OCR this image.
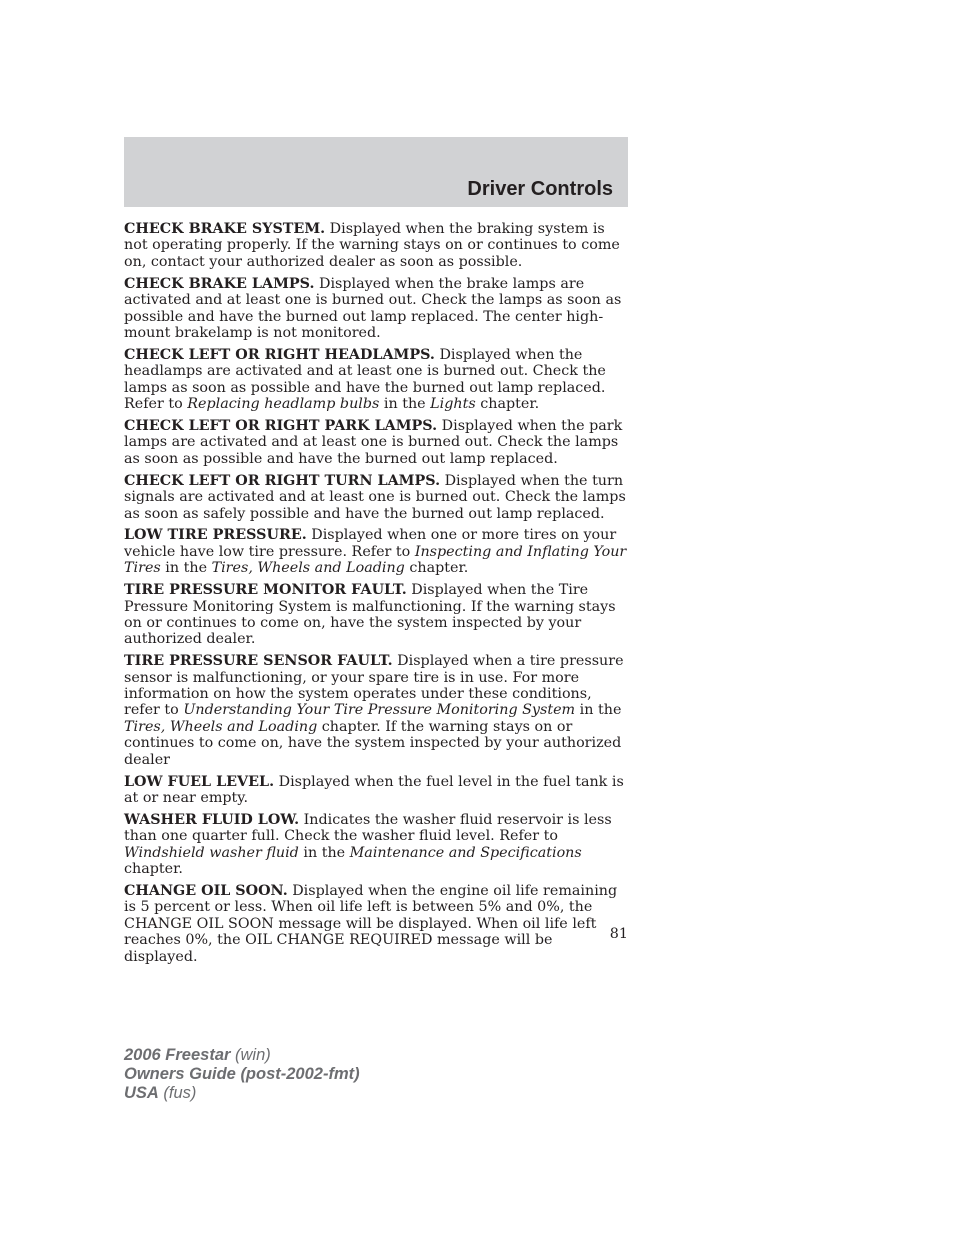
Driver Controls

CHECK BRAKE SYSTEM. Displayed when the braking system is not operating properly. If the warning stays on or continues to come on, contact your authorized dealer as soon as possible.

CHECK BRAKE LAMPS. Displayed when the brake lamps are activated and at least one is burned out. Check the lamps as soon as possible and have the burned out lamp replaced. The center high-mount brakelamp is not monitored.

CHECK LEFT OR RIGHT HEADLAMPS. Displayed when the headlamps are activated and at least one is burned out. Check the lamps as soon as possible and have the burned out lamp replaced. Refer to Replacing headlamp bulbs in the Lights chapter.

CHECK LEFT OR RIGHT PARK LAMPS. Displayed when the park lamps are activated and at least one is burned out. Check the lamps as soon as possible and have the burned out lamp replaced.

CHECK LEFT OR RIGHT TURN LAMPS. Displayed when the turn signals are activated and at least one is burned out. Check the lamps as soon as safely possible and have the burned out lamp replaced.

LOW TIRE PRESSURE. Displayed when one or more tires on your vehicle have low tire pressure. Refer to Inspecting and Inflating Your Tires in the Tires, Wheels and Loading chapter.

TIRE PRESSURE MONITOR FAULT. Displayed when the Tire Pressure Monitoring System is malfunctioning. If the warning stays on or continues to come on, have the system inspected by your authorized dealer.

TIRE PRESSURE SENSOR FAULT. Displayed when a tire pressure sensor is malfunctioning, or your spare tire is in use. For more information on how the system operates under these conditions, refer to Understanding Your Tire Pressure Monitoring System in the Tires, Wheels and Loading chapter. If the warning stays on or continues to come on, have the system inspected by your authorized dealer

LOW FUEL LEVEL. Displayed when the fuel level in the fuel tank is at or near empty.

WASHER FLUID LOW. Indicates the washer fluid reservoir is less than one quarter full. Check the washer fluid level. Refer to Windshield washer fluid in the Maintenance and Specifications chapter.

CHANGE OIL SOON. Displayed when the engine oil life remaining is 5 percent or less. When oil life left is between 5% and 0%, the CHANGE OIL SOON message will be displayed. When oil life left reaches 0%, the OIL CHANGE REQUIRED message will be displayed.

81
2006 Freestar (win)
Owners Guide (post-2002-fmt)
USA (fus)
